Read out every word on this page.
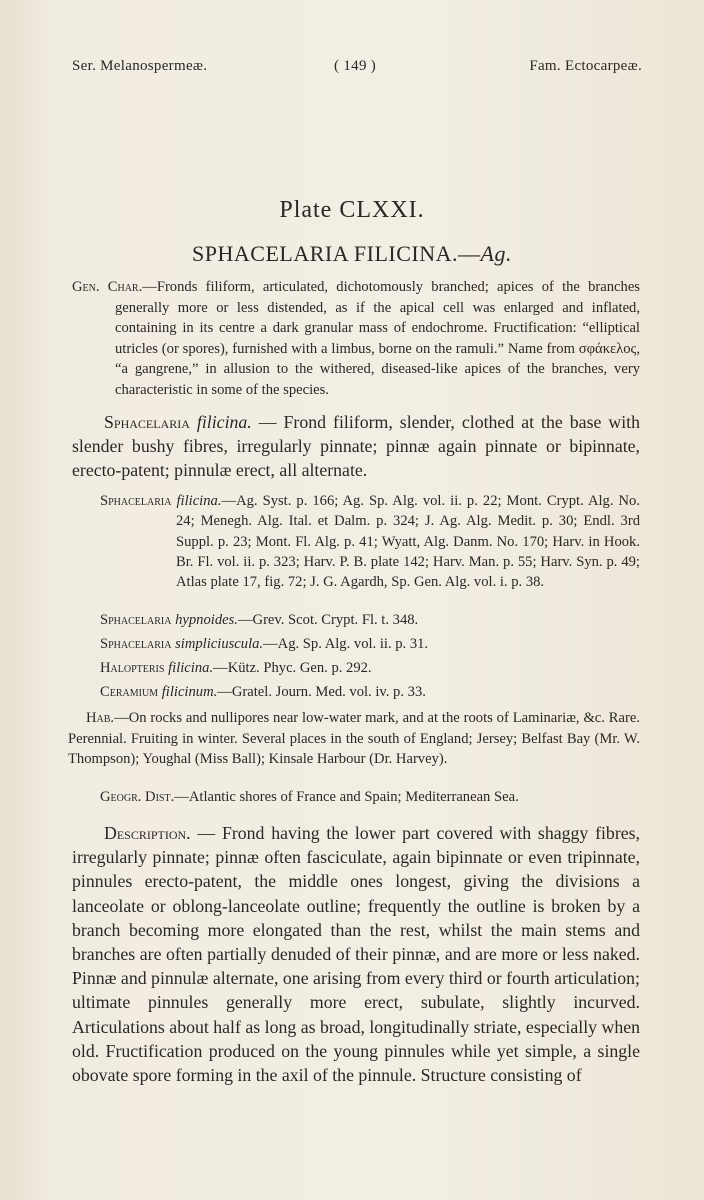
Ser. Melanospermeæ.	( 149 )	Fam. Ectocarpeæ.
Plate CLXXI.
SPHACELARIA FILICINA.—Ag.

Gen. Char.—Fronds filiform, articulated, dichotomously branched; apices of the branches generally more or less distended, as if the apical cell was enlarged and inflated, containing in its centre a dark granular mass of endochrome. Fructification: “elliptical utricles (or spores), furnished with a limbus, borne on the ramuli.” Name from σφάκελος, “a gangrene,” in allusion to the withered, diseased-like apices of the branches, very characteristic in some of the species.

Sphacelaria filicina. — Frond filiform, slender, clothed at the base with slender bushy fibres, irregularly pinnate; pinnæ again pinnate or bipinnate, erecto-patent; pinnulæ erect, all alternate.

Sphacelaria filicina.—Ag. Syst. p. 166; Ag. Sp. Alg. vol. ii. p. 22; Mont. Crypt. Alg. No. 24; Menegh. Alg. Ital. et Dalm. p. 324; J. Ag. Alg. Medit. p. 30; Endl. 3rd Suppl. p. 23; Mont. Fl. Alg. p. 41; Wyatt, Alg. Danm. No. 170; Harv. in Hook. Br. Fl. vol. ii. p. 323; Harv. P. B. plate 142; Harv. Man. p. 55; Harv. Syn. p. 49; Atlas plate 17, fig. 72; J. G. Agardh, Sp. Gen. Alg. vol. i. p. 38.

Sphacelaria hypnoides.—Grev. Scot. Crypt. Fl. t. 348.

Sphacelaria simpliciuscula.—Ag. Sp. Alg. vol. ii. p. 31.

Halopteris filicina.—Kütz. Phyc. Gen. p. 292.

Ceramium filicinum.—Gratel. Journ. Med. vol. iv. p. 33.

Hab.—On rocks and nullipores near low-water mark, and at the roots of Laminariæ, &c. Rare. Perennial. Fruiting in winter. Several places in the south of England; Jersey; Belfast Bay (Mr. W. Thompson); Youghal (Miss Ball); Kinsale Harbour (Dr. Harvey).

Geogr. Dist.—Atlantic shores of France and Spain; Mediterranean Sea.

Description. — Frond having the lower part covered with shaggy fibres, irregularly pinnate; pinnæ often fasciculate, again bipinnate or even tripinnate, pinnules erecto-patent, the middle ones longest, giving the divisions a lanceolate or oblong-lanceolate outline; frequently the outline is broken by a branch becoming more elongated than the rest, whilst the main stems and branches are often partially denuded of their pinnæ, and are more or less naked. Pinnæ and pinnulæ alternate, one arising from every third or fourth articulation; ultimate pinnules generally more erect, subulate, slightly incurved. Articulations about half as long as broad, longitudinally striate, especially when old. Fructification produced on the young pinnules while yet simple, a single obovate spore forming in the axil of the pinnule. Structure consisting of
